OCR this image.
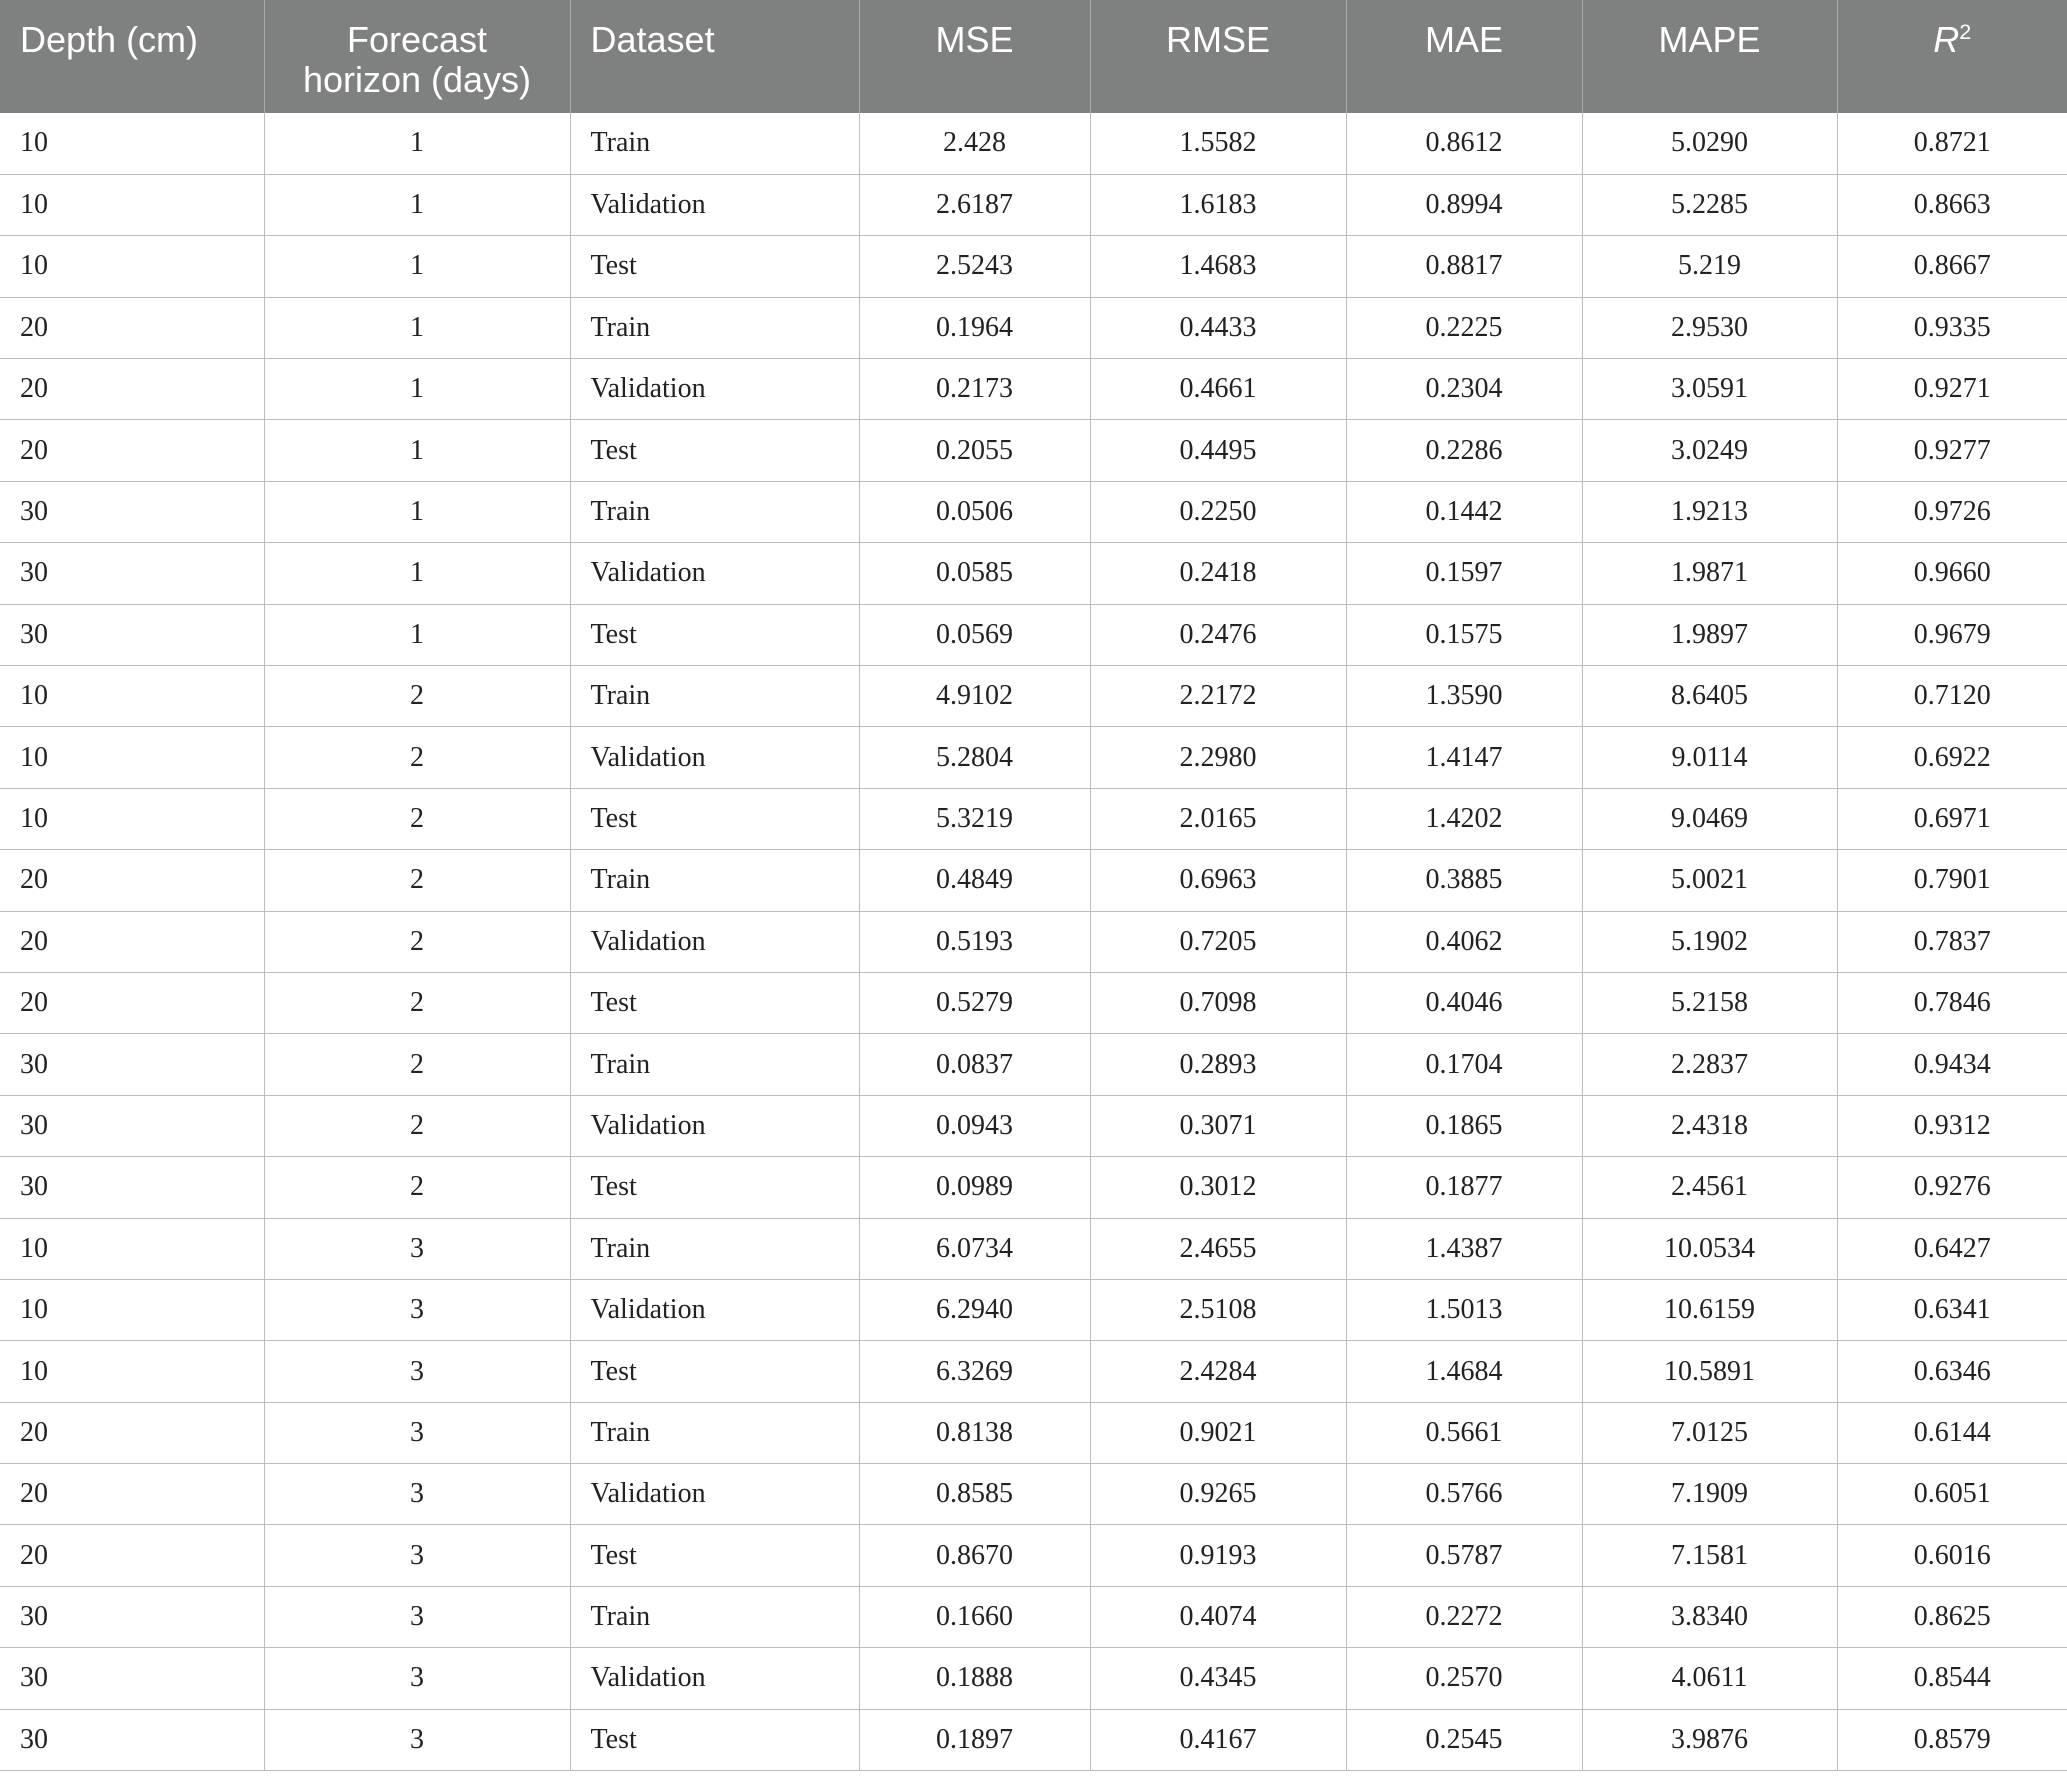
Depth (cm)	Forecast horizon (days)	Dataset	MSE	RMSE	MAE	MAPE	$R^2$
10	1	Train	2.428	1.5582	0.8612	5.0290	0.8721
10	1	Validation	2.6187	1.6183	0.8994	5.2285	0.8663
10	1	Test	2.5243	1.4683	0.8817	5.219	0.8667
20	1	Train	0.1964	0.4433	0.2225	2.9530	0.9335
20	1	Validation	0.2173	0.4661	0.2304	3.0591	0.9271
20	1	Test	0.2055	0.4495	0.2286	3.0249	0.9277
30	1	Train	0.0506	0.2250	0.1442	1.9213	0.9726
30	1	Validation	0.0585	0.2418	0.1597	1.9871	0.9660
30	1	Test	0.0569	0.2476	0.1575	1.9897	0.9679
10	2	Train	4.9102	2.2172	1.3590	8.6405	0.7120
10	2	Validation	5.2804	2.2980	1.4147	9.0114	0.6922
10	2	Test	5.3219	2.0165	1.4202	9.0469	0.6971
20	2	Train	0.4849	0.6963	0.3885	5.0021	0.7901
20	2	Validation	0.5193	0.7205	0.4062	5.1902	0.7837
20	2	Test	0.5279	0.7098	0.4046	5.2158	0.7846
30	2	Train	0.0837	0.2893	0.1704	2.2837	0.9434
30	2	Validation	0.0943	0.3071	0.1865	2.4318	0.9312
30	2	Test	0.0989	0.3012	0.1877	2.4561	0.9276
10	3	Train	6.0734	2.4655	1.4387	10.0534	0.6427
10	3	Validation	6.2940	2.5108	1.5013	10.6159	0.6341
10	3	Test	6.3269	2.4284	1.4684	10.5891	0.6346
20	3	Train	0.8138	0.9021	0.5661	7.0125	0.6144
20	3	Validation	0.8585	0.9265	0.5766	7.1909	0.6051
20	3	Test	0.8670	0.9193	0.5787	7.1581	0.6016
30	3	Train	0.1660	0.4074	0.2272	3.8340	0.8625
30	3	Validation	0.1888	0.4345	0.2570	4.0611	0.8544
30	3	Test	0.1897	0.4167	0.2545	3.9876	0.8579
